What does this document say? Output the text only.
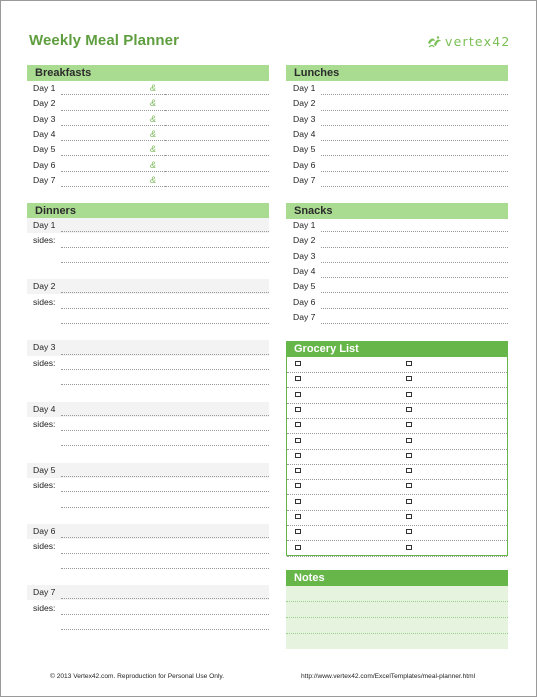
Weekly Meal Planner	vertex42
Breakfasts
Day 1	&
Day 2	&
Day 3	&
Day 4	&
Day 5	&
Day 6	&
Day 7	&
Lunches
Day 1
Day 2
Day 3
Day 4
Day 5
Day 6
Day 7
Dinners
Day 1
sides:
Day 2
sides:
Day 3
sides:
Day 4
sides:
Day 5
sides:
Day 6
sides:
Day 7
sides:
Snacks
Day 1
Day 2
Day 3
Day 4
Day 5
Day 6
Day 7
Grocery List
Notes
© 2013 Vertex42.com. Reproduction for Personal Use Only.	http://www.vertex42.com/ExcelTemplates/meal-planner.html
